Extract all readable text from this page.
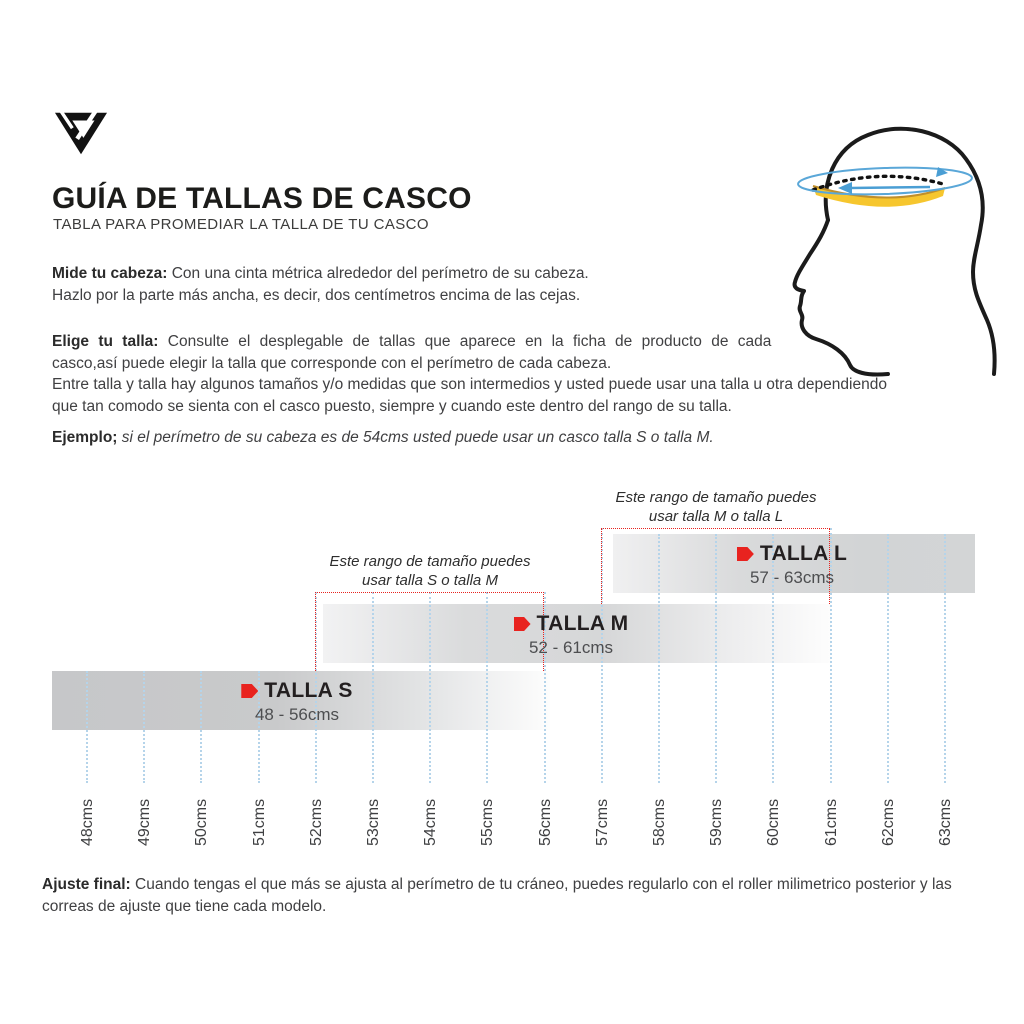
GUÍA DE TALLAS DE CASCO
TABLA PARA PROMEDIAR LA TALLA DE TU CASCO
Mide tu cabeza: Con una cinta métrica alrededor del perímetro de su cabeza.
Hazlo por la parte más ancha, es decir, dos centímetros encima de las cejas.
Elige tu talla: Consulte el desplegable de tallas que aparece en la ficha de producto de cada
casco,así puede elegir la talla que corresponde con el perímetro de cada cabeza.
Entre talla y talla hay algunos tamaños y/o medidas que son intermedios y usted puede usar una talla u otra dependiendo
que tan comodo se sienta con el casco puesto, siempre y cuando este dentro del rango de su talla.
Ejemplo; si el perímetro de su cabeza es de 54cms usted puede usar un casco talla S o talla M.
Este rango de tamaño puedes
usar talla S o talla M
Este rango de tamaño puedes
usar talla M o talla L
TALLA S
48 - 56cms
TALLA M
52 - 61cms
TALLA L
57 - 63cms
48cms	49cms	50cms	51cms	52cms	53cms	54cms	55cms	56cms	57cms	58cms	59cms	60cms	61cms	62cms	63cms
Ajuste final: Cuando tengas el que más se ajusta al perímetro de tu cráneo, puedes regularlo con el roller milimetrico posterior y las
correas de ajuste que tiene cada modelo.
